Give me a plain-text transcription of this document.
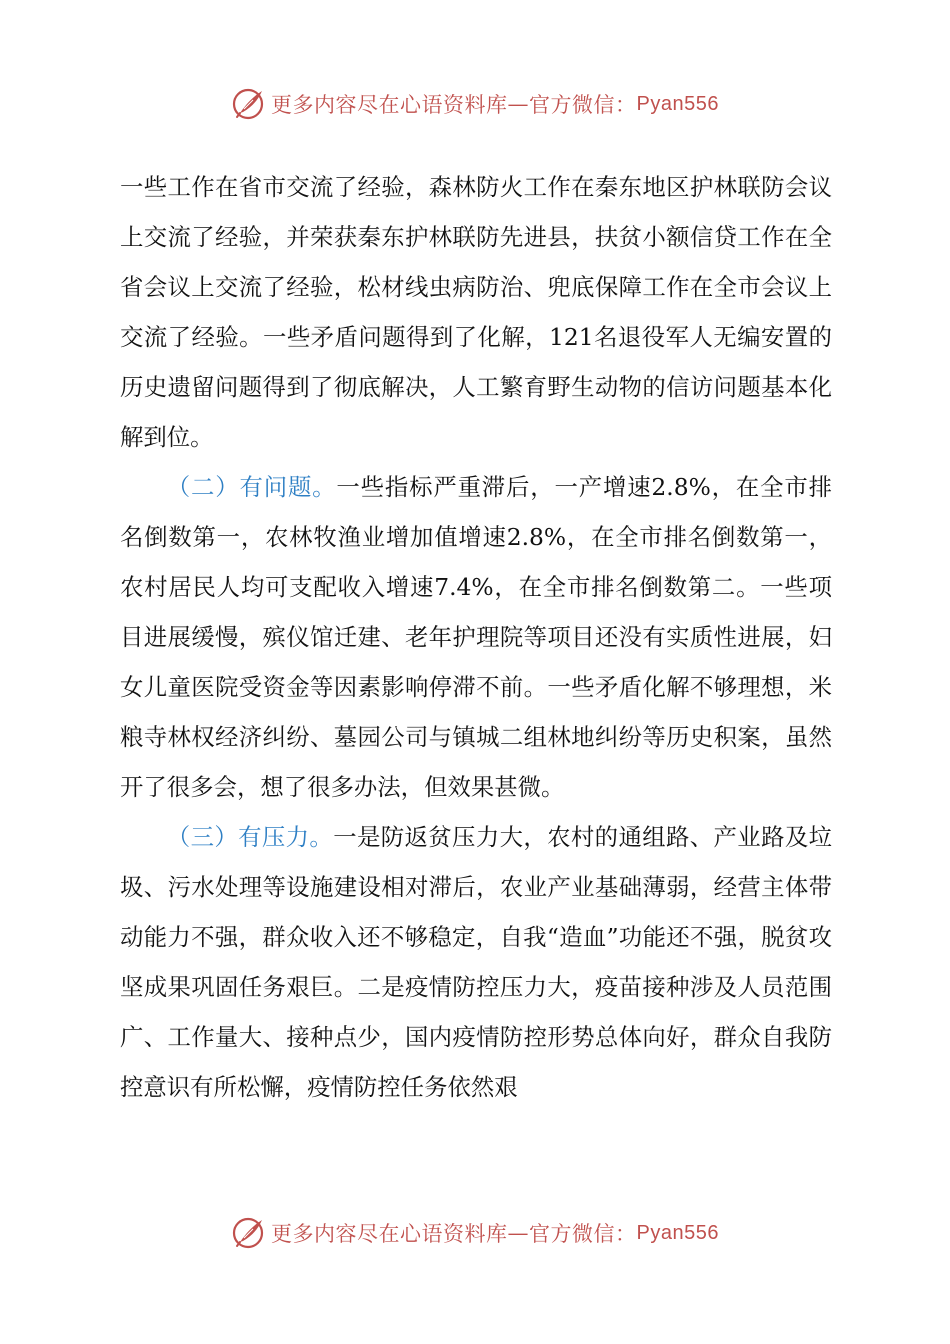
更多内容尽在心语资料库 — 官方微信： Pyan556

一些工作在省市交流了经验，森林防火工作在秦东地区护林联防会议上交流了经验，并荣获秦东护林联防先进县，扶贫小额信贷工作在全省会议上交流了经验，松材线虫病防治、兜底保障工作在全市会议上交流了经验。一些矛盾问题得到了化解，121名退役军人无编安置的历史遗留问题得到了彻底解决，人工繁育野生动物的信访问题基本化解到位。

（二）有问题。一些指标严重滞后，一产增速2.8%，在全市排名倒数第一，农林牧渔业增加值增速2.8%，在全市排名倒数第一，农村居民人均可支配收入增速7.4%，在全市排名倒数第二。一些项目进展缓慢，殡仪馆迁建、老年护理院等项目还没有实质性进展，妇女儿童医院受资金等因素影响停滞不前。一些矛盾化解不够理想，米粮寺林权经济纠纷、墓园公司与镇城二组林地纠纷等历史积案，虽然开了很多会，想了很多办法，但效果甚微。

（三）有压力。一是防返贫压力大，农村的通组路、产业路及垃圾、污水处理等设施建设相对滞后，农业产业基础薄弱，经营主体带动能力不强，群众收入还不够稳定，自我“造血”功能还不强，脱贫攻坚成果巩固任务艰巨。二是疫情防控压力大，疫苗接种涉及人员范围广、工作量大、接种点少，国内疫情防控形势总体向好，群众自我防控意识有所松懈，疫情防控任务依然艰

更多内容尽在心语资料库 — 官方微信： Pyan556
